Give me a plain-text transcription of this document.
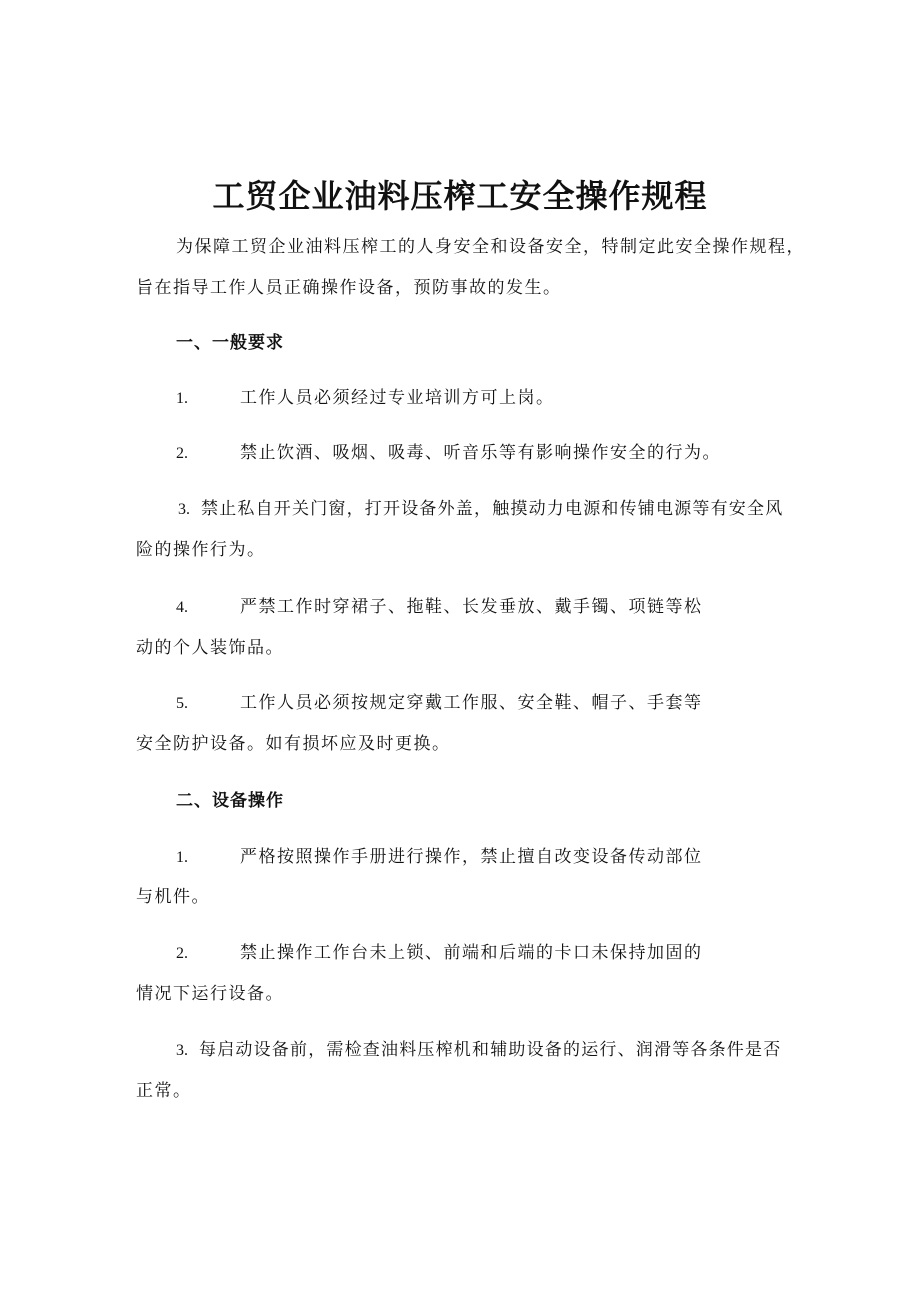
工贸企业油料压榨工安全操作规程
为保障工贸企业油料压榨工的人身安全和设备安全，特制定此安全操作规程，
旨在指导工作人员正确操作设备，预防事故的发生。
一、一般要求
1.	工作人员必须经过专业培训方可上岗。
2.	禁止饮酒、吸烟、吸毒、听音乐等有影响操作安全的行为。
3. 禁止私自开关门窗，打开设备外盖，触摸动力电源和传铺电源等有安全风
险的操作行为。
4.	严禁工作时穿裙子、拖鞋、长发垂放、戴手镯、项链等松
动的个人装饰品。
5.	工作人员必须按规定穿戴工作服、安全鞋、帽子、手套等
安全防护设备。如有损坏应及时更换。
二、设备操作
1.	严格按照操作手册进行操作，禁止擅自改变设备传动部位
与机件。
2.	禁止操作工作台未上锁、前端和后端的卡口未保持加固的
情况下运行设备。
3. 每启动设备前，需检查油料压榨机和辅助设备的运行、润滑等各条件是否
正常。
